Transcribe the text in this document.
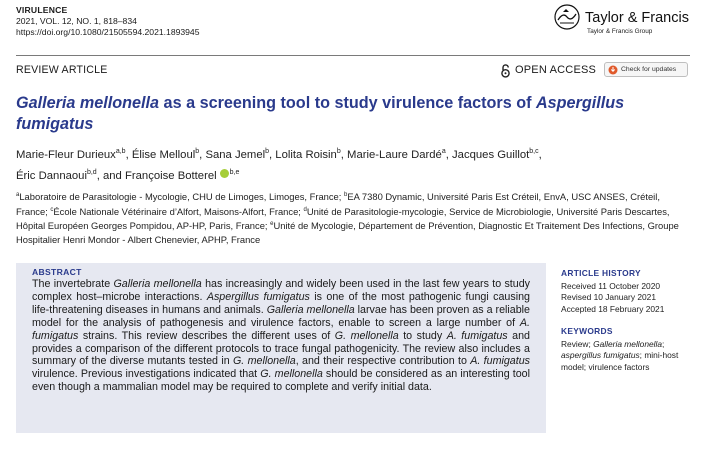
VIRULENCE
2021, VOL. 12, NO. 1, 818–834
https://doi.org/10.1080/21505594.2021.1893945
Taylor & Francis
Taylor & Francis Group
REVIEW ARTICLE	OPEN ACCESS	Check for updates
Galleria mellonella as a screening tool to study virulence factors of Aspergillus fumigatus
Marie-Fleur Durieux$^{a,b}$, Élise Melloul$^b$, Sana Jemel$^b$, Lolita Roisin$^b$, Marie-Laure Dardé$^a$, Jacques Guillot$^{b,c}$,
Éric Dannaoui$^{b,d}$, and Françoise Botterel $^{b,e}$
$^a$Laboratoire de Parasitologie - Mycologie, CHU de Limoges, Limoges, France; $^b$EA 7380 Dynamic, Université Paris Est Créteil, EnvA, USC ANSES, Créteil, France; $^c$École Nationale Vétérinaire d’Alfort, Maisons-Alfort, France; $^d$Unité de Parasitologie-mycologie, Service de Microbiologie, Université Paris Descartes, Hôpital Européen Georges Pompidou, AP-HP, Paris, France; $^e$Unité de Mycologie, Département de Prévention, Diagnostic Et Traitement Des Infections, Groupe Hospitalier Henri Mondor - Albert Chenevier, APHP, France
ABSTRACT
The invertebrate Galleria mellonella has increasingly and widely been used in the last few years to study complex host–microbe interactions. Aspergillus fumigatus is one of the most pathogenic fungi causing life-threatening diseases in humans and animals. Galleria mellonella larvae has been proven as a reliable model for the analysis of pathogenesis and virulence factors, enable to screen a large number of A. fumigatus strains. This review describes the different uses of G. mellonella to study A. fumigatus and provides a comparison of the different protocols to trace fungal pathogenicity. The review also includes a summary of the diverse mutants tested in G. mellonella, and their respective contribution to A. fumigatus virulence. Previous investigations indicated that G. mellonella should be considered as an interesting tool even though a mammalian model may be required to complete and verify initial data.
ARTICLE HISTORY
Received 11 October 2020
Revised 10 January 2021
Accepted 18 February 2021
KEYWORDS
Review; Galleria mellonella; aspergillus fumigatus; mini-host model; virulence factors
